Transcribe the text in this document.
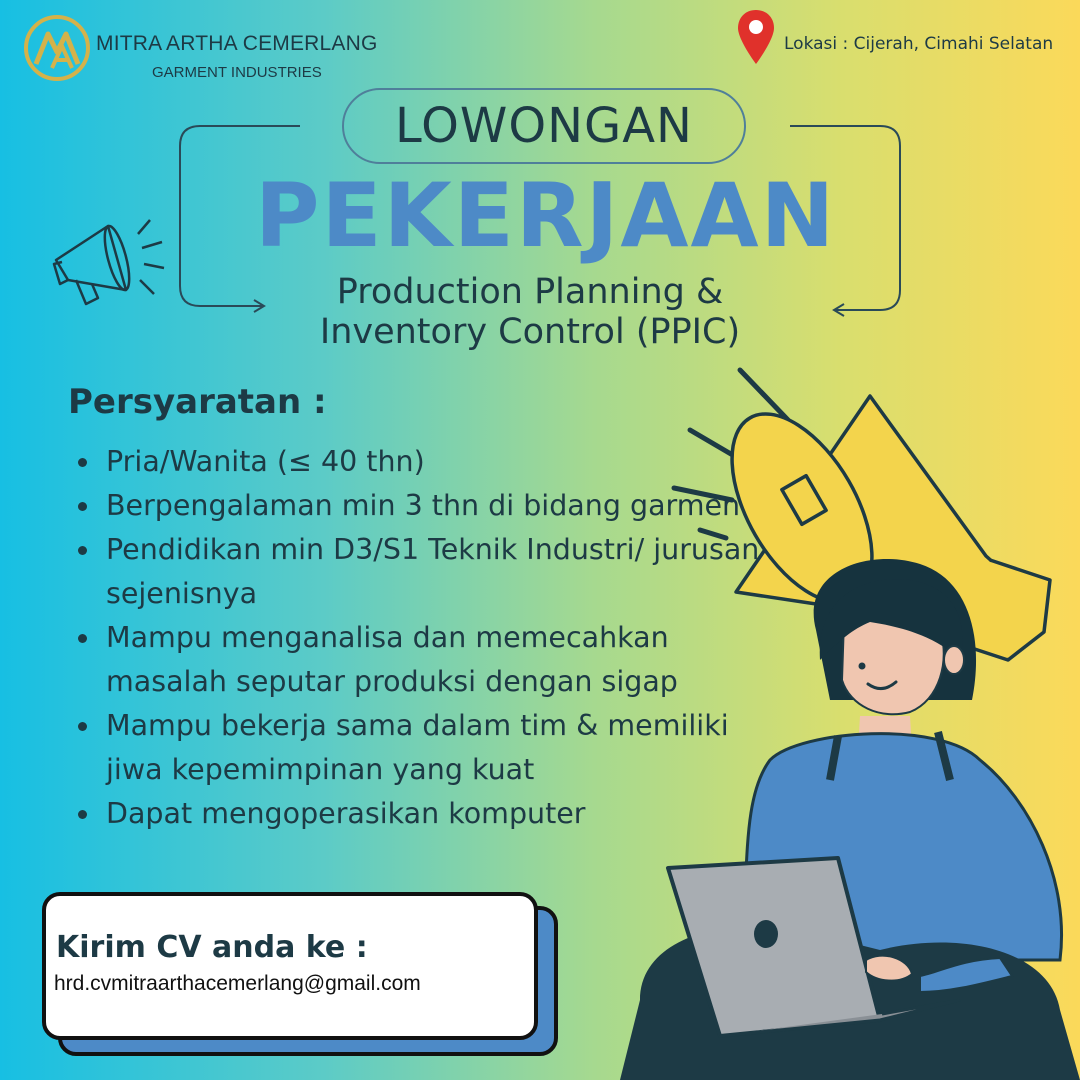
MITRA ARTHA CEMERLANG
GARMENT INDUSTRIES
Lokasi : Cijerah, Cimahi Selatan
LOWONGAN
PEKERJAAN
Production Planning &
Inventory Control (PPIC)
Persyaratan :
Pria/Wanita (≤ 40 thn)
Berpengalaman min 3 thn di bidang garmen
Pendidikan min D3/S1 Teknik Industri/ jurusan sejenisnya
Mampu menganalisa dan memecahkan masalah seputar produksi dengan sigap
Mampu bekerja sama dalam tim & memiliki jiwa kepemimpinan yang kuat
Dapat mengoperasikan komputer
Kirim CV anda ke :
hrd.cvmitraarthacemerlang@gmail.com
